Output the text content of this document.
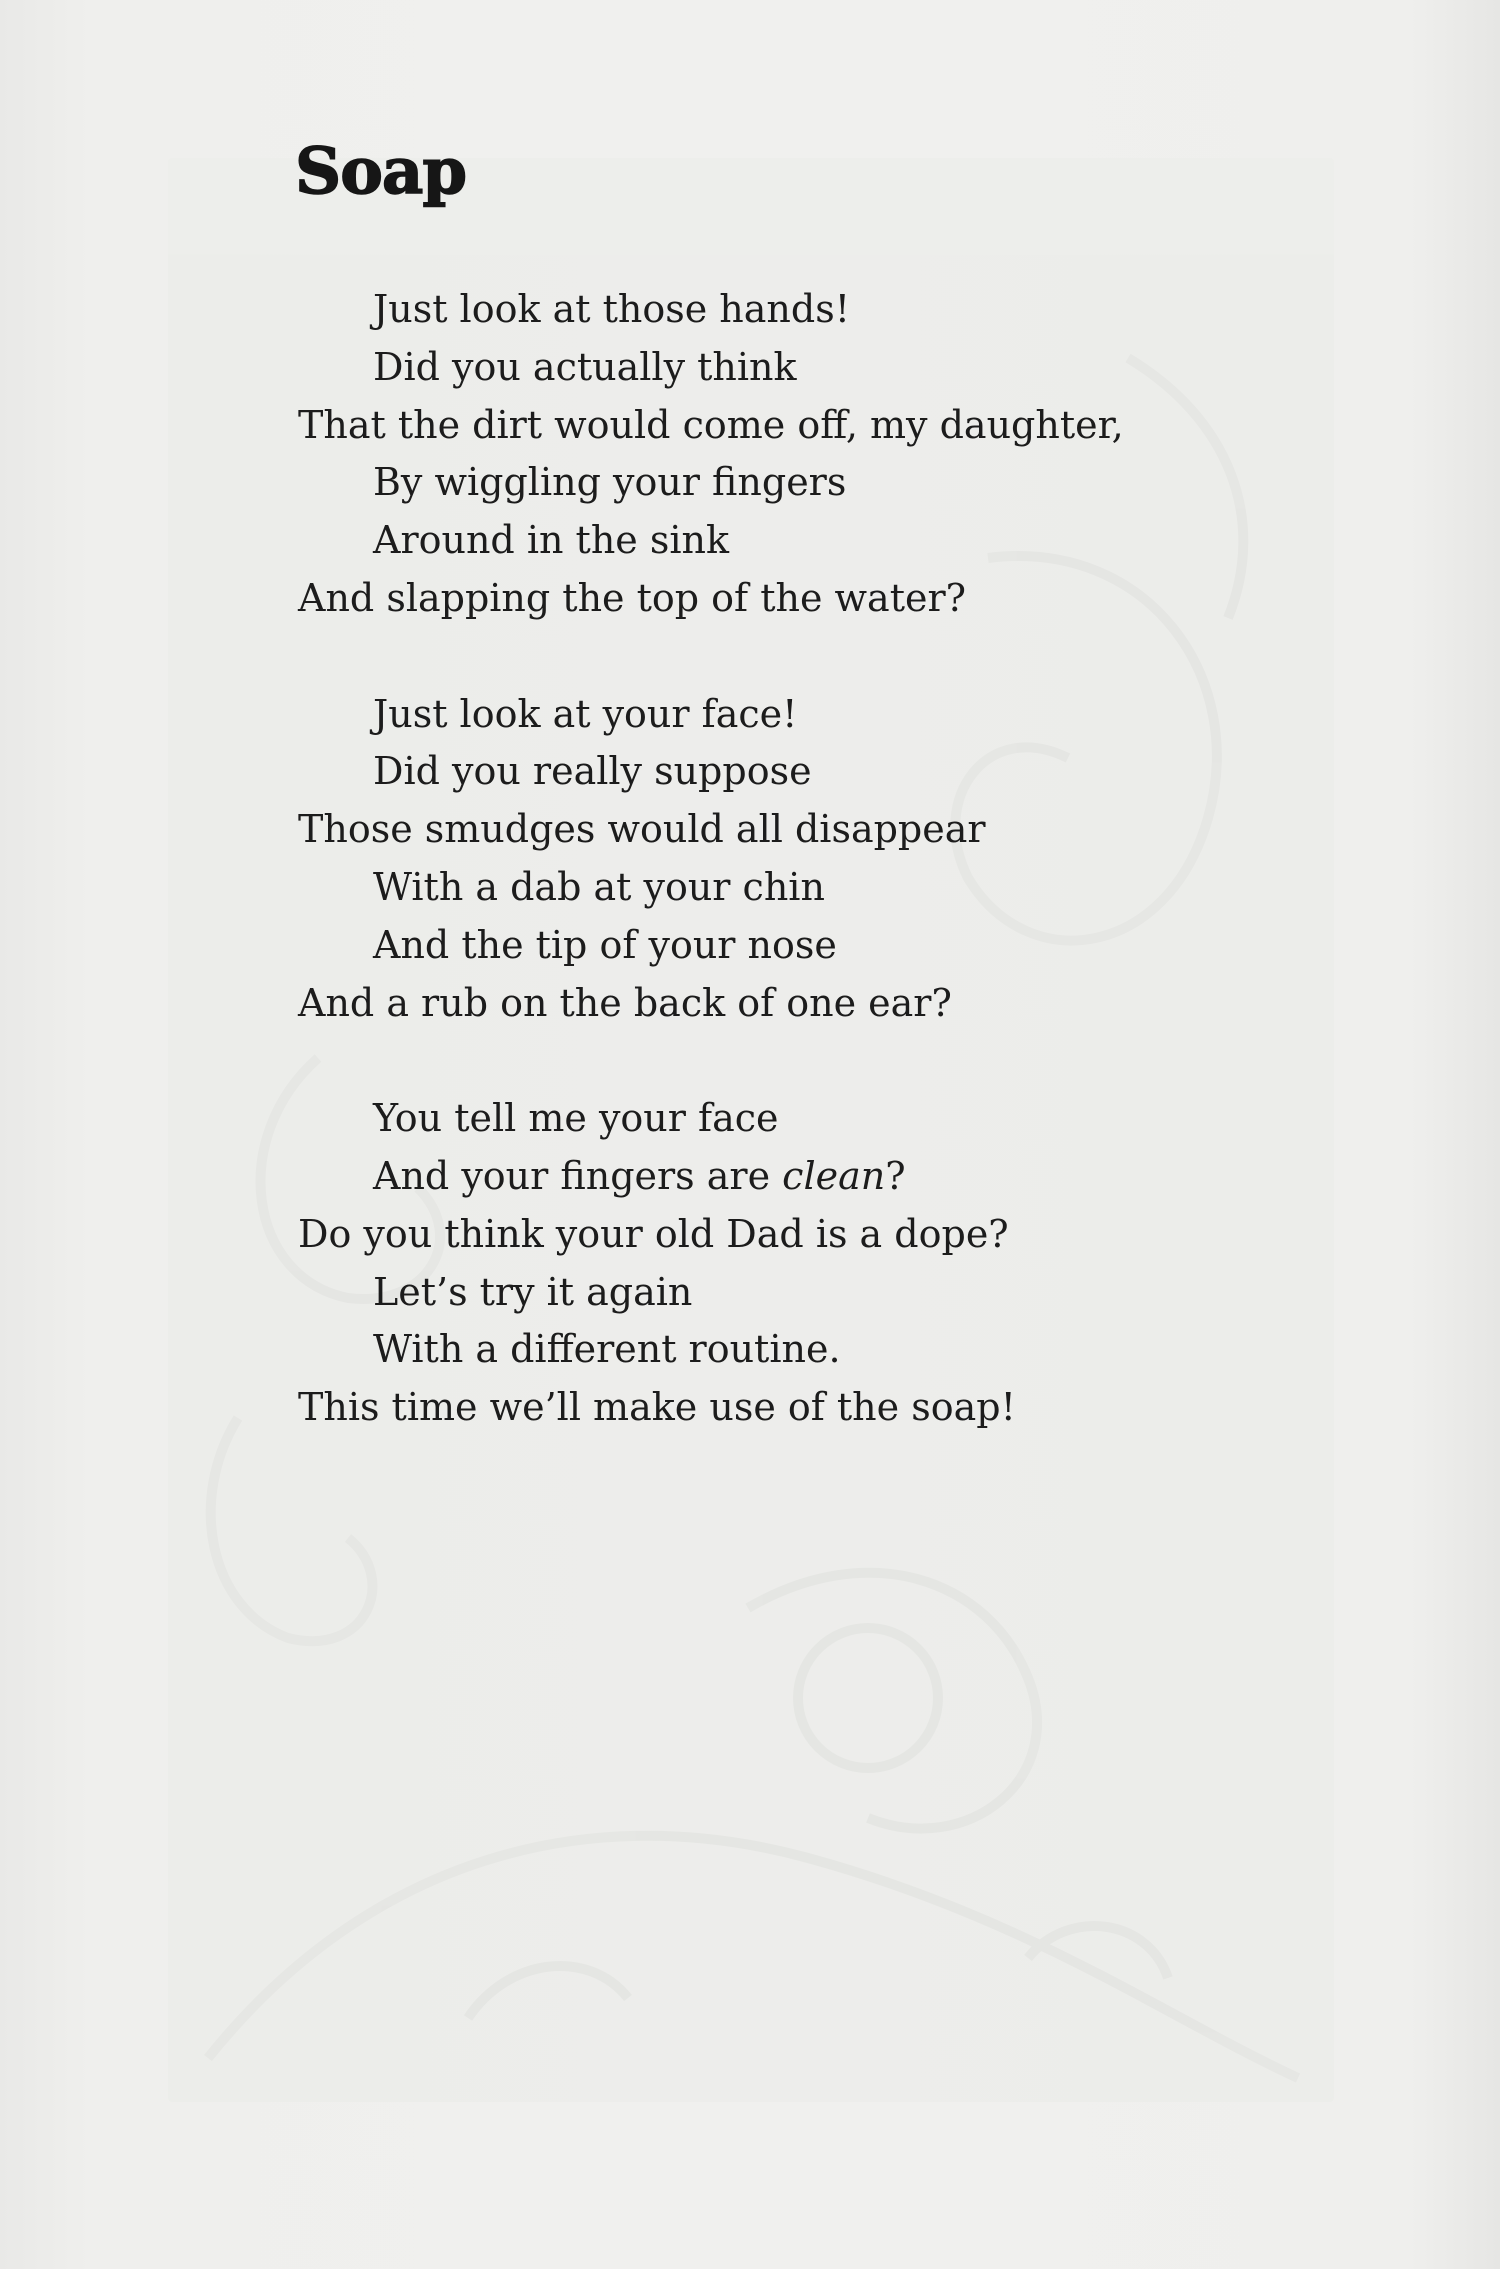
Soap
Just look at those hands!
Did you actually think
That the dirt would come off, my daughter,
By wiggling your fingers
Around in the sink
And slapping the top of the water?
Just look at your face!
Did you really suppose
Those smudges would all disappear
With a dab at your chin
And the tip of your nose
And a rub on the back of one ear?
You tell me your face
And your fingers are clean?
Do you think your old Dad is a dope?
Let’s try it again
With a different routine.
This time we’ll make use of the soap!
